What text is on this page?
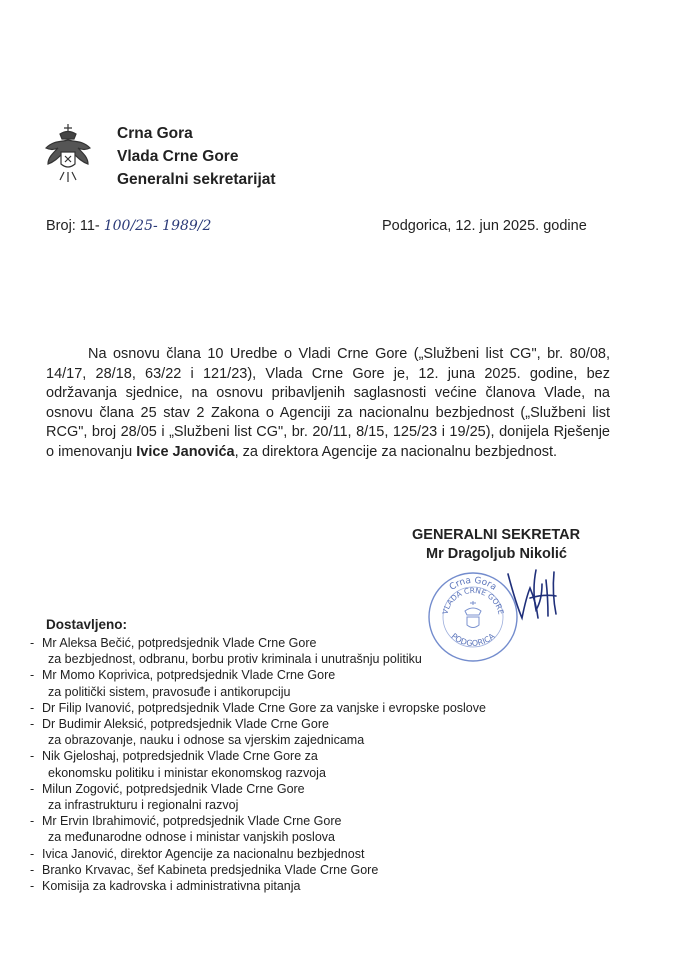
Crna Gora
Vlada Crne Gore
Generalni sekretarijat
Broj: 11- 100/25- 1989/2	Podgorica, 12. jun 2025. godine

Na osnovu člana 10 Uredbe o Vladi Crne Gore („Službeni list CG", br. 80/08, 14/17, 28/18, 63/22 i 121/23), Vlada Crne Gore je, 12. juna 2025. godine, bez održavanja sjednice, na osnovu pribavljenih saglasnosti većine članova Vlade, na osnovu člana 25 stav 2 Zakona o Agenciji za nacionalnu bezbjednost („Službeni list RCG", broj 28/05 i „Službeni list CG", br. 20/11, 8/15, 125/23 i 19/25), donijela Rješenje o imenovanju Ivice Janovića, za direktora Agencije za nacionalnu bezbjednost.

GENERALNI SEKRETAR
Mr Dragoljub Nikolić
Crna Gora
VLADA CRNE GORE
PODGORICA
Dostavljeno:
- Mr Aleksa Bečić, potpredsjednik Vlade Crne Gore
za bezbjednost, odbranu, borbu protiv kriminala i unutrašnju politiku
- Mr Momo Koprivica, potpredsjednik Vlade Crne Gore
za politički sistem, pravosuđe i antikorupciju
- Dr Filip Ivanović, potpredsjednik Vlade Crne Gore za vanjske i evropske poslove
- Dr Budimir Aleksić, potpredsjednik Vlade Crne Gore
za obrazovanje, nauku i odnose sa vjerskim zajednicama
- Nik Gjeloshaj, potpredsjednik Vlade Crne Gore za
ekonomsku politiku i ministar ekonomskog razvoja
- Milun Zogović, potpredsjednik Vlade Crne Gore
za infrastrukturu i regionalni razvoj
- Mr Ervin Ibrahimović, potpredsjednik Vlade Crne Gore
za međunarodne odnose i ministar vanjskih poslova
- Ivica Janović, direktor Agencije za nacionalnu bezbjednost
- Branko Krvavac, šef Kabineta predsjednika Vlade Crne Gore
- Komisija za kadrovska i administrativna pitanja
